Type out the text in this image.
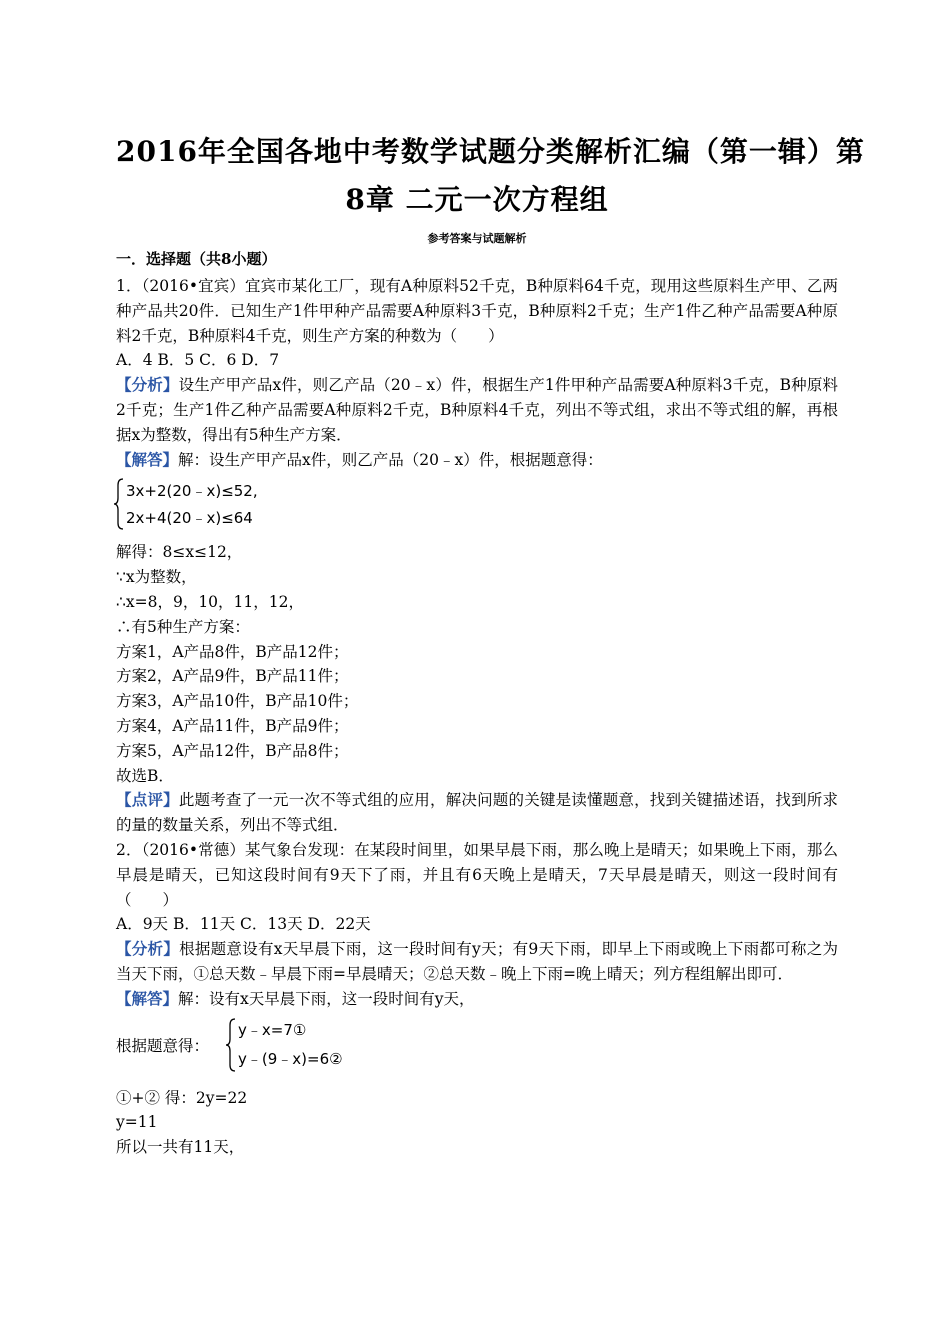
2016年全国各地中考数学试题分类解析汇编（第一辑）第
8章 二元一次方程组
参考答案与试题解析
一．选择题（共8小题）

1．（2016•宜宾）宜宾市某化工厂，现有A种原料52千克，B种原料64千克，现用这些原料生产甲、乙两种产品共20件．已知生产1件甲种产品需要A种原料3千克，B种原料2千克；生产1件乙种产品需要A种原料2千克，B种原料4千克，则生产方案的种数为（　　）

A．4 B．5 C．6 D．7

【分析】设生产甲产品x件，则乙产品（20﹣x）件，根据生产1件甲种产品需要A种原料3千克，B种原料2千克；生产1件乙种产品需要A种原料2千克，B种原料4千克，列出不等式组，求出不等式组的解，再根据x为整数，得出有5种生产方案．

【解答】解：设生产甲产品x件，则乙产品（20﹣x）件，根据题意得：

3x+2(20﹣x)≤52,
2x+4(20﹣x)≤64

解得：8≤x≤12，

∵x为整数，

∴x=8，9，10，11，12，

∴有5种生产方案：

方案1，A产品8件，B产品12件；

方案2，A产品9件，B产品11件；

方案3，A产品10件，B产品10件；

方案4，A产品11件，B产品9件；

方案5，A产品12件，B产品8件；

故选B．

【点评】此题考查了一元一次不等式组的应用，解决问题的关键是读懂题意，找到关键描述语，找到所求的量的数量关系，列出不等式组．

2．（2016•常德）某气象台发现：在某段时间里，如果早晨下雨，那么晚上是晴天；如果晚上下雨，那么早晨是晴天，已知这段时间有9天下了雨，并且有6天晚上是晴天，7天早晨是晴天，则这一段时间有（　　）

A．9天 B．11天 C．13天 D．22天

【分析】根据题意设有x天早晨下雨，这一段时间有y天；有9天下雨，即早上下雨或晚上下雨都可称之为当天下雨，①总天数﹣早晨下雨=早晨晴天；②总天数﹣晚上下雨=晚上晴天；列方程组解出即可．

【解答】解：设有x天早晨下雨，这一段时间有y天，

根据题意得：
y﹣x=7①
y﹣(9﹣x)=6②

①+② 得：2y=22

y=11

所以一共有11天，
